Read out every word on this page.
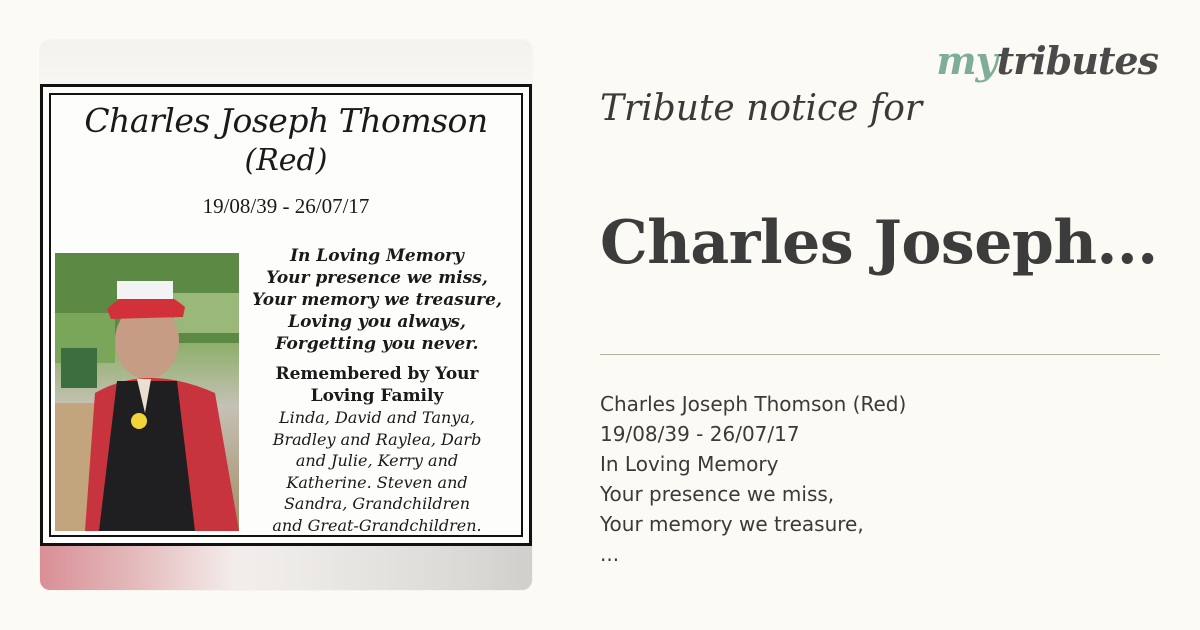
Charles Joseph Thomson
(Red)
19/08/39 - 26/07/17
In Loving Memory
Your presence we miss,
Your memory we treasure,
Loving you always,
Forgetting you never.
Remembered by Your
Loving Family
Linda, David and Tanya,
Bradley and Raylea, Darb
and Julie, Kerry and
Katherine. Steven and
Sandra, Grandchildren
and Great-Grandchildren.
mytributes
Tribute notice for
Charles Joseph...
Charles Joseph Thomson (Red)
19/08/39 - 26/07/17
In Loving Memory
Your presence we miss,
Your memory we treasure,
...
